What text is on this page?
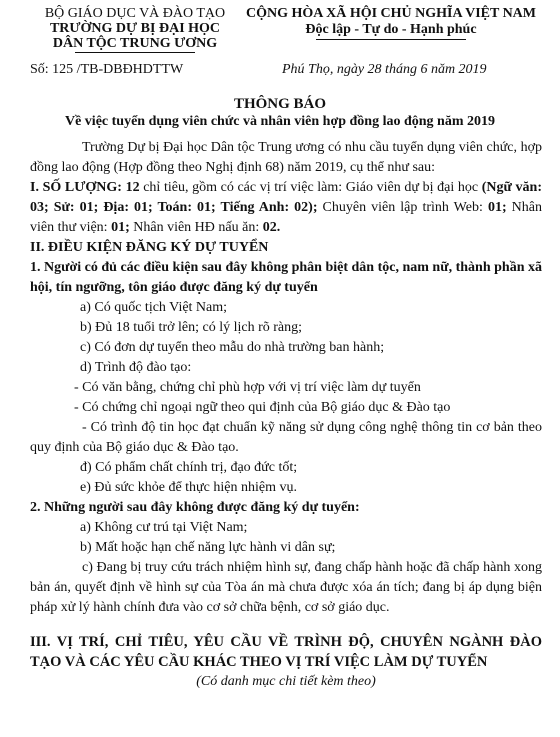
BỘ GIÁO DỤC VÀ ĐÀO TẠO
TRƯỜNG DỰ BỊ ĐẠI HỌC
DÂN TỘC TRUNG ƯƠNG
CỘNG HÒA XÃ HỘI CHỦ NGHĨA VIỆT NAM
Độc lập - Tự do - Hạnh phúc
Số: 125 /TB-DBĐHDTTW	Phú Thọ, ngày 28 tháng 6 năm 2019
THÔNG BÁO
Về việc tuyển dụng viên chức và nhân viên hợp đồng lao động năm 2019

Trường Dự bị Đại học Dân tộc Trung ương có nhu cầu tuyển dụng viên chức, hợp đồng lao động (Hợp đồng theo Nghị định 68) năm 2019, cụ thể như sau:

I. SỐ LƯỢNG: 12 chỉ tiêu, gồm có các vị trí việc làm: Giáo viên dự bị đại học (Ngữ văn: 03; Sử: 01; Địa: 01; Toán: 01; Tiếng Anh: 02); Chuyên viên lập trình Web: 01; Nhân viên thư viện: 01; Nhân viên HĐ nấu ăn: 02.

II. ĐIỀU KIỆN ĐĂNG KÝ DỰ TUYỂN

1. Người có đủ các điều kiện sau đây không phân biệt dân tộc, nam nữ, thành phần xã hội, tín ngưỡng, tôn giáo được đăng ký dự tuyển

a) Có quốc tịch Việt Nam;

b) Đủ 18 tuổi trở lên; có lý lịch rõ ràng;

c) Có đơn dự tuyển theo mẫu do nhà trường ban hành;

d) Trình độ đào tạo:

- Có văn bằng, chứng chỉ phù hợp với vị trí việc làm dự tuyển

- Có chứng chỉ ngoại ngữ theo qui định của Bộ giáo dục & Đào tạo

- Có trình độ tin học đạt chuẩn kỹ năng sử dụng công nghệ thông tin cơ bản theo quy định của Bộ giáo dục & Đào tạo.

đ) Có phẩm chất chính trị, đạo đức tốt;

e) Đủ sức khỏe để thực hiện nhiệm vụ.

2. Những người sau đây không được đăng ký dự tuyển:

a) Không cư trú tại Việt Nam;

b) Mất hoặc hạn chế năng lực hành vi dân sự;

c) Đang bị truy cứu trách nhiệm hình sự, đang chấp hành hoặc đã chấp hành xong bản án, quyết định về hình sự của Tòa án mà chưa được xóa án tích; đang bị áp dụng biện pháp xử lý hành chính đưa vào cơ sở chữa bệnh, cơ sở giáo dục.

III. VỊ TRÍ, CHỈ TIÊU, YÊU CẦU VỀ TRÌNH ĐỘ, CHUYÊN NGÀNH ĐÀO TẠO VÀ CÁC YÊU CẦU KHÁC THEO VỊ TRÍ VIỆC LÀM DỰ TUYỂN

(Có danh mục chi tiết kèm theo)
